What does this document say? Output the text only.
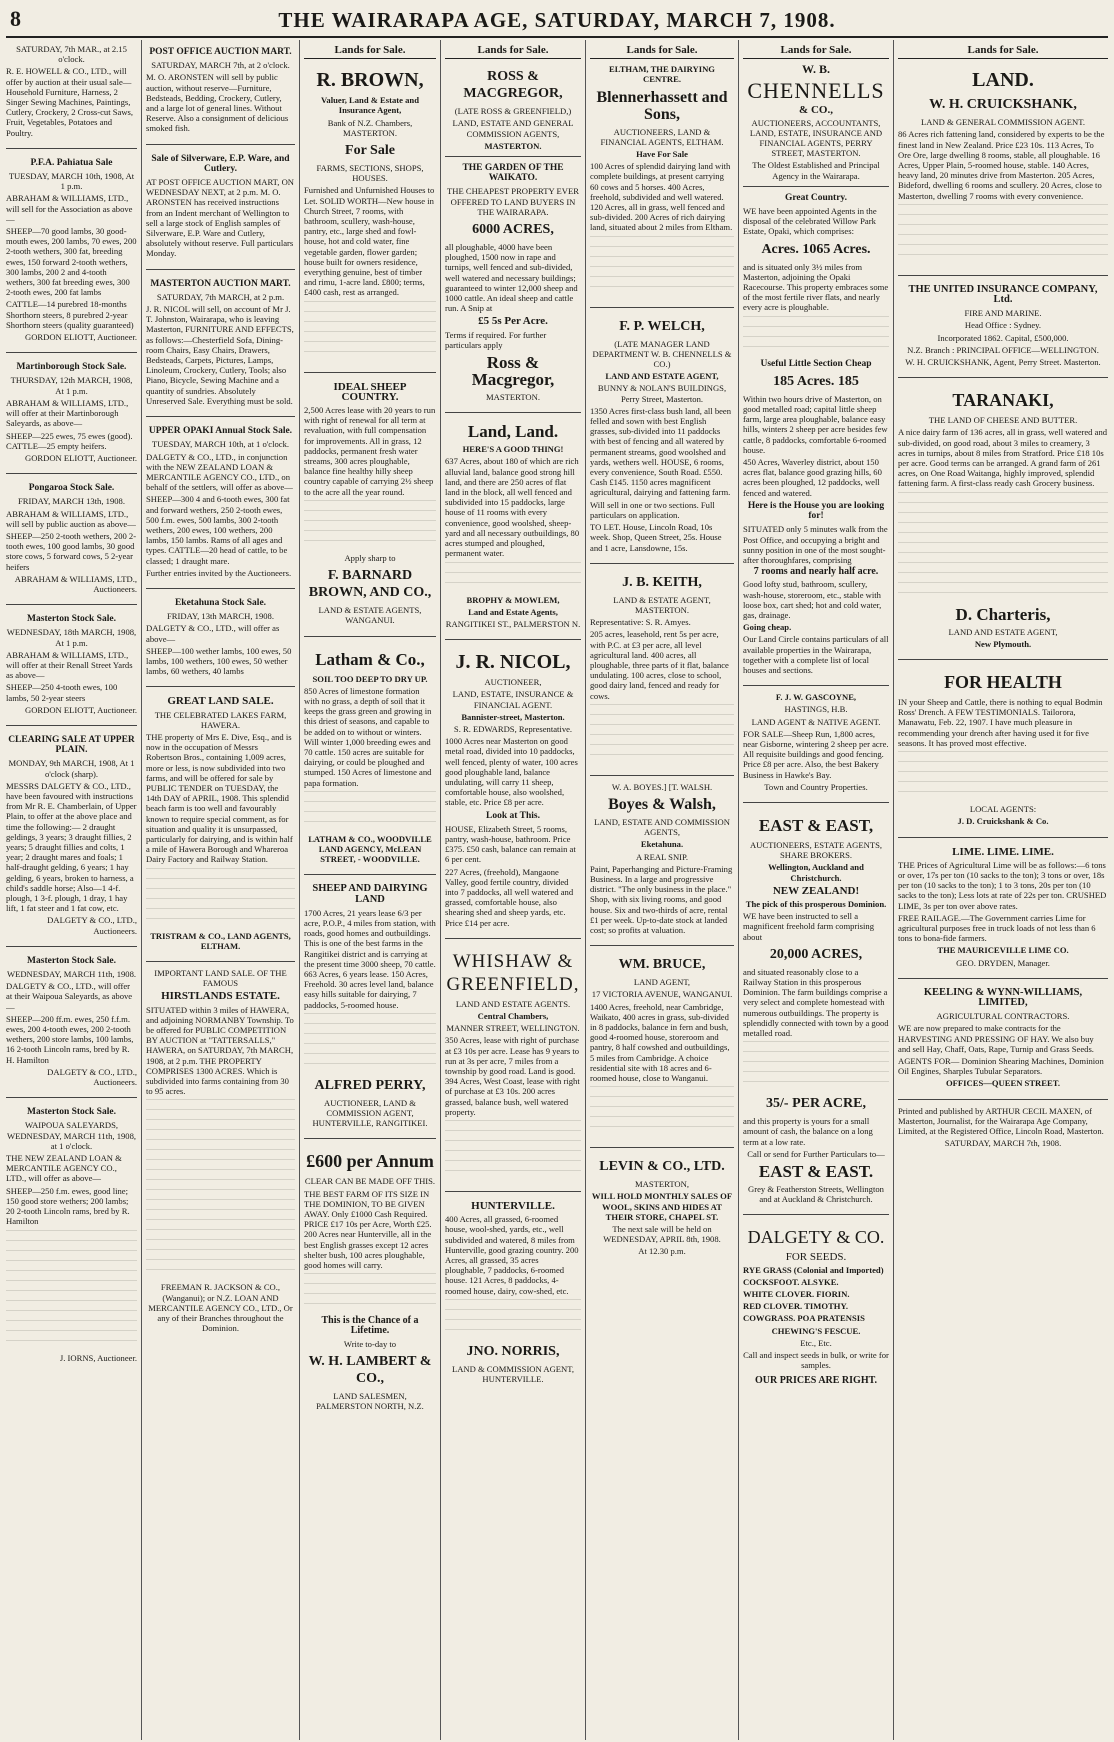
8	THE WAIRARAPA AGE, SATURDAY, MARCH 7, 1908.

SATURDAY, 7th MAR., at 2.15 o'clock.

R. E. HOWELL & CO., LTD., will offer by auction at their usual sale—Household Furniture, Harness, 2 Singer Sewing Machines, Paintings, Cutlery, Crockery, 2 Cross-cut Saws, Fruit, Vegetables, Potatoes and Poultry.

P.F.A. Pahiatua Sale

TUESDAY, MARCH 10th, 1908, At 1 p.m.

ABRAHAM & WILLIAMS, LTD., will sell for the Association as above—

SHEEP—70 good lambs, 30 good-mouth ewes, 200 lambs, 70 ewes, 200 2-tooth wethers, 300 fat, breeding ewes, 150 forward 2-tooth wethers, 300 lambs, 200 2 and 4-tooth wethers, 300 fat breeding ewes, 300 2-tooth ewes, 200 fat lambs

CATTLE—14 purebred 18-months Shorthorn steers, 8 purebred 2-year Shorthorn steers (quality guaranteed)

GORDON ELIOTT, Auctioneer.

Martinborough Stock Sale.

THURSDAY, 12th MARCH, 1908, At 1 p.m.

ABRAHAM & WILLIAMS, LTD., will offer at their Martinborough Saleyards, as above—

SHEEP—225 ewes, 75 ewes (good). CATTLE—25 empty heifers.

GORDON ELIOTT, Auctioneer.

Pongaroa Stock Sale.

FRIDAY, MARCH 13th, 1908.

ABRAHAM & WILLIAMS, LTD., will sell by public auction as above—

SHEEP—250 2-tooth wethers, 200 2-tooth ewes, 100 good lambs, 30 good store cows, 5 forward cows, 5 2-year heifers

ABRAHAM & WILLIAMS, LTD., Auctioneers.

Masterton Stock Sale.

WEDNESDAY, 18th MARCH, 1908, At 1 p.m.

ABRAHAM & WILLIAMS, LTD., will offer at their Renall Street Yards as above—

SHEEP—250 4-tooth ewes, 100 lambs, 50 2-year steers

GORDON ELIOTT, Auctioneer.

CLEARING SALE AT UPPER PLAIN.

MONDAY, 9th MARCH, 1908, At 1 o'clock (sharp).

MESSRS DALGETY & CO., LTD., have been favoured with instructions from Mr R. E. Chamberlain, of Upper Plain, to offer at the above place and time the following:— 2 draught geldings, 3 years; 3 draught fillies, 2 years; 5 draught fillies and colts, 1 year; 2 draught mares and foals; 1 half-draught gelding, 6 years; 1 hay gelding, 6 years, broken to harness, a child's saddle horse; Also—1 4-f. plough, 1 3-f. plough, 1 dray, 1 hay lift, 1 fat steer and 1 fat cow, etc.

DALGETY & CO., LTD., Auctioneers.

Masterton Stock Sale.

WEDNESDAY, MARCH 11th, 1908.

DALGETY & CO., LTD., will offer at their Waipoua Saleyards, as above—

SHEEP—200 ff.m. ewes, 250 f.f.m. ewes, 200 4-tooth ewes, 200 2-tooth wethers, 200 store lambs, 100 lambs, 16 2-tooth Lincoln rams, bred by R. H. Hamilton

DALGETY & CO., LTD., Auctioneers.

Masterton Stock Sale.

WAIPOUA SALEYARDS, WEDNESDAY, MARCH 11th, 1908, at 1 o'clock.

THE NEW ZEALAND LOAN & MERCANTILE AGENCY CO., LTD., will offer as above—

SHEEP—250 f.m. ewes, good line; 150 good store wethers; 200 lambs; 20 2-tooth Lincoln rams, bred by R. Hamilton

J. IORNS, Auctioneer.

POST OFFICE AUCTION MART.

SATURDAY, MARCH 7th, at 2 o'clock.

M. O. ARONSTEN will sell by public auction, without reserve—Furniture, Bedsteads, Bedding, Crockery, Cutlery, and a large lot of general lines. Without Reserve. Also a consignment of delicious smoked fish.

Sale of Silverware, E.P. Ware, and Cutlery.

AT POST OFFICE AUCTION MART, ON WEDNESDAY NEXT, at 2 p.m. M. O. ARONSTEN has received instructions from an Indent merchant of Wellington to sell a large stock of English samples of Silverware, E.P. Ware and Cutlery, absolutely without reserve. Full particulars Monday.

MASTERTON AUCTION MART.

SATURDAY, 7th MARCH, at 2 p.m.

J. R. NICOL will sell, on account of Mr J. T. Johnston, Wairarapa, who is leaving Masterton, FURNITURE AND EFFECTS, as follows:—Chesterfield Sofa, Dining-room Chairs, Easy Chairs, Drawers, Bedsteads, Carpets, Pictures, Lamps, Linoleum, Crockery, Cutlery, Tools; also Piano, Bicycle, Sewing Machine and a quantity of sundries. Absolutely Unreserved Sale. Everything must be sold.

UPPER OPAKI Annual Stock Sale.

TUESDAY, MARCH 10th, at 1 o'clock.

DALGETY & CO., LTD., in conjunction with the NEW ZEALAND LOAN & MERCANTILE AGENCY CO., LTD., on behalf of the settlers, will offer as above—

SHEEP—300 4 and 6-tooth ewes, 300 fat and forward wethers, 250 2-tooth ewes, 500 f.m. ewes, 500 lambs, 300 2-tooth wethers, 200 ewes, 100 wethers, 200 lambs, 150 lambs. Rams of all ages and types. CATTLE—20 head of cattle, to be classed; 1 draught mare.

Further entries invited by the Auctioneers.

Eketahuna Stock Sale.

FRIDAY, 13th MARCH, 1908.

DALGETY & CO., LTD., will offer as above—

SHEEP—100 wether lambs, 100 ewes, 50 lambs, 100 wethers, 100 ewes, 50 wether lambs, 60 wethers, 40 lambs

GREAT LAND SALE.

THE CELEBRATED LAKES FARM, HAWERA.

THE property of Mrs E. Dive, Esq., and is now in the occupation of Messrs Robertson Bros., containing 1,009 acres, more or less, is now subdivided into two farms, and will be offered for sale by PUBLIC TENDER on TUESDAY, the 14th DAY of APRIL, 1908. This splendid beach farm is too well and favourably known to require special comment, as for situation and quality it is unsurpassed, particularly for dairying, and is within half a mile of Hawera Borough and Whareroa Dairy Factory and Railway Station.

TRISTRAM & CO., LAND AGENTS, ELTHAM.

IMPORTANT LAND SALE. OF THE FAMOUS

HIRSTLANDS ESTATE.

SITUATED within 3 miles of HAWERA, and adjoining NORMANBY Township. To be offered for PUBLIC COMPETITION BY AUCTION at "TATTERSALLS," HAWERA, on SATURDAY, 7th MARCH, 1908, at 2 p.m. THE PROPERTY COMPRISES 1300 ACRES. Which is subdivided into farms containing from 30 to 95 acres.

FREEMAN R. JACKSON & CO., (Wanganui); or N.Z. LOAN AND MERCANTILE AGENCY CO., LTD., Or any of their Branches throughout the Dominion.

Lands for Sale.
R. BROWN,

Valuer, Land & Estate and Insurance Agent,

Bank of N.Z. Chambers, MASTERTON.

For Sale

FARMS, SECTIONS, SHOPS, HOUSES.

Furnished and Unfurnished Houses to Let. SOLID WORTH—New house in Church Street, 7 rooms, with bathroom, scullery, wash-house, pantry, etc., large shed and fowl-house, hot and cold water, fine vegetable garden, flower garden; house built for owners residence, everything genuine, best of timber and rimu, 1-acre land. £800; terms, £400 cash, rest as arranged.

IDEAL SHEEP COUNTRY.

2,500 Acres lease with 20 years to run with right of renewal for all term at revaluation, with full compensation for improvements. All in grass, 12 paddocks, permanent fresh water streams, 300 acres ploughable, balance fine healthy hilly sheep country capable of carrying 2½ sheep to the acre all the year round.

Apply sharp to

F. BARNARD BROWN, AND CO.,

LAND & ESTATE AGENTS, WANGANUI.

Latham & Co.,

SOIL TOO DEEP TO DRY UP.

850 Acres of limestone formation with no grass, a depth of soil that it keeps the grass green and growing in this driest of seasons, and capable to be added on to without or winters. Will winter 1,000 breeding ewes and 70 cattle. 150 acres are suitable for dairying, or could be ploughed and stumped. 150 Acres of limestone and papa formation.

LATHAM & CO., WOODVILLE LAND AGENCY, McLEAN STREET, - WOODVILLE.

SHEEP AND DAIRYING LAND

1700 Acres, 21 years lease 6/3 per acre, P.O.P., 4 miles from station, with roads, good homes and outbuildings. This is one of the best farms in the Rangitikei district and is carrying at the present time 3000 sheep, 70 cattle. 663 Acres, 6 years lease. 150 Acres, Freehold. 30 acres level land, balance easy hills suitable for dairying, 7 paddocks, 5-roomed house.

ALFRED PERRY,

AUCTIONEER, LAND & COMMISSION AGENT, HUNTERVILLE, RANGITIKEI.

£600 per Annum

CLEAR CAN BE MADE OFF THIS.

THE BEST FARM OF ITS SIZE IN THE DOMINION, TO BE GIVEN AWAY. Only £1000 Cash Required. PRICE £17 10s per Acre, Worth £25. 200 Acres near Hunterville, all in the best English grasses except 12 acres shelter bush, 100 acres ploughable, good homes will carry.

This is the Chance of a Lifetime.

Write to-day to

W. H. LAMBERT & CO.,

LAND SALESMEN, PALMERSTON NORTH, N.Z.

Lands for Sale.
ROSS & MACGREGOR,

(LATE ROSS & GREENFIELD,)

LAND, ESTATE AND GENERAL COMMISSION AGENTS,

MASTERTON.

THE GARDEN OF THE WAIKATO.

THE CHEAPEST PROPERTY EVER OFFERED TO LAND BUYERS IN THE WAIRARAPA.

6000 ACRES,

all ploughable, 4000 have been ploughed, 1500 now in rape and turnips, well fenced and sub-divided, well watered and necessary buildings; guaranteed to winter 12,000 sheep and 1000 cattle. An ideal sheep and cattle run. A Snip at

£5 5s Per Acre.

Terms if required. For further particulars apply

Ross & Macgregor,

MASTERTON.

Land, Land.

HERE'S A GOOD THING!

637 Acres, about 180 of which are rich alluvial land, balance good strong hill land, and there are 250 acres of flat land in the block, all well fenced and subdivided into 15 paddocks, large house of 11 rooms with every convenience, good woolshed, sheep-yard and all necessary outbuildings, 80 acres stumped and ploughed, permanent water.

BROPHY & MOWLEM,

Land and Estate Agents,

RANGITIKEI ST., PALMERSTON N.

J. R. NICOL,

AUCTIONEER,

LAND, ESTATE, INSURANCE & FINANCIAL AGENT.

Bannister-street, Masterton.

S. R. EDWARDS, Representative.

1000 Acres near Masterton on good metal road, divided into 10 paddocks, well fenced, plenty of water, 100 acres good ploughable land, balance undulating, will carry 11 sheep, comfortable house, also woolshed, stable, etc. Price £8 per acre.

Look at This.

HOUSE, Elizabeth Street, 5 rooms, pantry, wash-house, bathroom. Price £375. £50 cash, balance can remain at 6 per cent.

227 Acres, (freehold), Mangaone Valley, good fertile country, divided into 7 paddocks, all well watered and grassed, comfortable house, also shearing shed and sheep yards, etc. Price £14 per acre.

WHISHAW & GREENFIELD,

LAND AND ESTATE AGENTS.

Central Chambers,

MANNER STREET, WELLINGTON.

350 Acres, lease with right of purchase at £3 10s per acre. Lease has 9 years to run at 3s per acre, 7 miles from a township by good road. Land is good. 394 Acres, West Coast, lease with right of purchase at £3 10s. 200 acres grassed, balance bush, well watered property.

HUNTERVILLE.

400 Acres, all grassed, 6-roomed house, wool-shed, yards, etc., well subdivided and watered, 8 miles from Hunterville, good grazing country. 200 Acres, all grassed, 35 acres ploughable, 7 paddocks, 6-roomed house. 121 Acres, 8 paddocks, 4-roomed house, dairy, cow-shed, etc.

JNO. NORRIS,

LAND & COMMISSION AGENT, HUNTERVILLE.

Lands for Sale.

ELTHAM, THE DAIRYING CENTRE.

Blennerhassett and Sons,

AUCTIONEERS, LAND & FINANCIAL AGENTS, ELTHAM.

Have For Sale

100 Acres of splendid dairying land with complete buildings, at present carrying 60 cows and 5 horses. 400 Acres, freehold, subdivided and well watered. 120 Acres, all in grass, well fenced and sub-divided. 200 Acres of rich dairying land, situated about 2 miles from Eltham.

F. P. WELCH,

(LATE MANAGER LAND DEPARTMENT W. B. CHENNELLS & CO.)

LAND AND ESTATE AGENT,

BUNNY & NOLAN'S BUILDINGS, Perry Street, Masterton.

1350 Acres first-class bush land, all been felled and sown with best English grasses, sub-divided into 11 paddocks with best of fencing and all watered by permanent streams, good woolshed and yards, wethers well. HOUSE, 6 rooms, every convenience, South Road. £550. Cash £145. 1150 acres magnificent agricultural, dairying and fattening farm.

Will sell in one or two sections. Full particulars on application.

TO LET. House, Lincoln Road, 10s week. Shop, Queen Street, 25s. House and 1 acre, Lansdowne, 15s.

J. B. KEITH,

LAND & ESTATE AGENT, MASTERTON.

Representative: S. R. Amyes.

205 acres, leasehold, rent 5s per acre, with P.C. at £3 per acre, all level agricultural land. 400 acres, all ploughable, three parts of it flat, balance undulating. 100 acres, close to school, good dairy land, fenced and ready for cows.

W. A. BOYES.] [T. WALSH.

Boyes & Walsh,

LAND, ESTATE AND COMMISSION AGENTS,

Eketahuna.

A REAL SNIP.

Paint, Paperhanging and Picture-Framing Business. In a large and progressive district. "The only business in the place." Shop, with six living rooms, and good house. Six and two-thirds of acre, rental £1 per week. Up-to-date stock at landed cost; so profits at valuation.

WM. BRUCE,

LAND AGENT,

17 VICTORIA AVENUE, WANGANUI.

1400 Acres, freehold, near Cambridge, Waikato, 400 acres in grass, sub-divided in 8 paddocks, balance in fern and bush, good 4-roomed house, storeroom and pantry, 8 half cowshed and outbuildings, 5 miles from Cambridge. A choice residential site with 18 acres and 6-roomed house, close to Wanganui.

LEVIN & CO., LTD.

MASTERTON,

WILL HOLD MONTHLY SALES OF WOOL, SKINS AND HIDES AT THEIR STORE, CHAPEL ST.

The next sale will be held on WEDNESDAY, APRIL 8th, 1908.

At 12.30 p.m.

Lands for Sale.

W. B.

CHENNELLS

& CO.,

AUCTIONEERS, ACCOUNTANTS, LAND, ESTATE, INSURANCE AND FINANCIAL AGENTS, PERRY STREET, MASTERTON.

The Oldest Established and Principal Agency in the Wairarapa.

Great Country.

WE have been appointed Agents in the disposal of the celebrated Willow Park Estate, Opaki, which comprises:

Acres. 1065 Acres.

and is situated only 3½ miles from Masterton, adjoining the Opaki Racecourse. This property embraces some of the most fertile river flats, and nearly every acre is ploughable.

Useful Little Section Cheap
185 Acres. 185

Within two hours drive of Masterton, on good metalled road; capital little sheep farm, large area ploughable, balance easy hills, winters 2 sheep per acre besides few cattle, 8 paddocks, comfortable 6-roomed house.

450 Acres, Waverley district, about 150 acres flat, balance good grazing hills, 60 acres been ploughed, 12 paddocks, well fenced and watered.

Here is the House you are looking for!

SITUATED only 5 minutes walk from the Post Office, and occupying a bright and sunny position in one of the most sought-after thoroughfares, comprising

7 rooms and nearly half acre.

Good lofty stud, bathroom, scullery, wash-house, storeroom, etc., stable with loose box, cart shed; hot and cold water, gas, drainage.

Going cheap.

Our Land Circle contains particulars of all available properties in the Wairarapa, together with a complete list of local houses and sections.

F. J. W. GASCOYNE,

HASTINGS, H.B.

LAND AGENT & NATIVE AGENT.

FOR SALE—Sheep Run, 1,800 acres, near Gisborne, wintering 2 sheep per acre. All requisite buildings and good fencing. Price £8 per acre. Also, the best Bakery Business in Hawke's Bay.

Town and Country Properties.

EAST & EAST,

AUCTIONEERS, ESTATE AGENTS, SHARE BROKERS.

Wellington, Auckland and Christchurch.

NEW ZEALAND!

The pick of this prosperous Dominion.

WE have been instructed to sell a magnificent freehold farm comprising about

20,000 ACRES,

and situated reasonably close to a Railway Station in this prosperous Dominion. The farm buildings comprise a very select and complete homestead with numerous outbuildings. The property is splendidly connected with town by a good metalled road.

35/- PER ACRE,

and this property is yours for a small amount of cash, the balance on a long term at a low rate.

Call or send for Further Particulars to—

EAST & EAST.

Grey & Featherston Streets, Wellington and at Auckland & Christchurch.

DALGETY & CO.

FOR SEEDS.

RYE GRASS (Colonial and Imported)

COCKSFOOT. ALSYKE.

WHITE CLOVER. FIORIN.

RED CLOVER. TIMOTHY.

COWGRASS. POA PRATENSIS

CHEWING'S FESCUE.

Etc., Etc.

Call and inspect seeds in bulk, or write for samples.

OUR PRICES ARE RIGHT.

Lands for Sale.
LAND.
W. H. CRUICKSHANK,

LAND & GENERAL COMMISSION AGENT.

86 Acres rich fattening land, considered by experts to be the finest land in New Zealand. Price £23 10s. 113 Acres, To Ore Ore, large dwelling 8 rooms, stable, all ploughable. 16 Acres, Upper Plain, 5-roomed house, stable. 140 Acres, heavy land, 20 minutes drive from Masterton. 205 Acres, Bideford, dwelling 6 rooms and scullery. 20 Acres, close to Masterton, dwelling 7 rooms with every convenience.

THE UNITED INSURANCE COMPANY, Ltd.

FIRE AND MARINE.

Head Office : Sydney.

Incorporated 1862. Capital, £500,000.

N.Z. Branch : PRINCIPAL OFFICE—WELLINGTON.

W. H. CRUICKSHANK, Agent, Perry Street. Masterton.

TARANAKI,

THE LAND OF CHEESE AND BUTTER.

A nice dairy farm of 136 acres, all in grass, well watered and sub-divided, on good road, about 3 miles to creamery, 3 acres in turnips, about 8 miles from Stratford. Price £18 10s per acre. Good terms can be arranged. A grand farm of 261 acres, on One Road Waitanga, highly improved, splendid fattening farm. A first-class ready cash Grocery business.

D. Charteris,

LAND AND ESTATE AGENT,

New Plymouth.

FOR HEALTH

IN your Sheep and Cattle, there is nothing to equal Bodmin Ross' Drench. A FEW TESTIMONIALS. Tailorora, Manawatu, Feb. 22, 1907. I have much pleasure in recommending your drench after having used it for five seasons. It has proved most effective.

LOCAL AGENTS:

J. D. Cruickshank & Co.

LIME. LIME. LIME.

THE Prices of Agricultural Lime will be as follows:—6 tons or over, 17s per ton (10 sacks to the ton); 3 tons or over, 18s per ton (10 sacks to the ton); 1 to 3 tons, 20s per ton (10 sacks to the ton); Less lots at rate of 22s per ton. CRUSHED LIME, 3s per ton over above rates.

FREE RAILAGE.—The Government carries Lime for agricultural purposes free in truck loads of not less than 6 tons to bona-fide farmers.

THE MAURICEVILLE LIME CO.

GEO. DRYDEN, Manager.

KEELING & WYNN-WILLIAMS, LIMITED,

AGRICULTURAL CONTRACTORS.

WE are now prepared to make contracts for the HARVESTING AND PRESSING OF HAY. We also buy and sell Hay, Chaff, Oats, Rape, Turnip and Grass Seeds.

AGENTS FOR— Dominion Shearing Machines, Dominion Oil Engines, Sharples Tubular Separators.

OFFICES—QUEEN STREET.

Printed and published by ARTHUR CECIL MAXEN, of Masterton, Journalist, for the Wairarapa Age Company, Limited, at the Registered Office, Lincoln Road, Masterton.

SATURDAY, MARCH 7th, 1908.
